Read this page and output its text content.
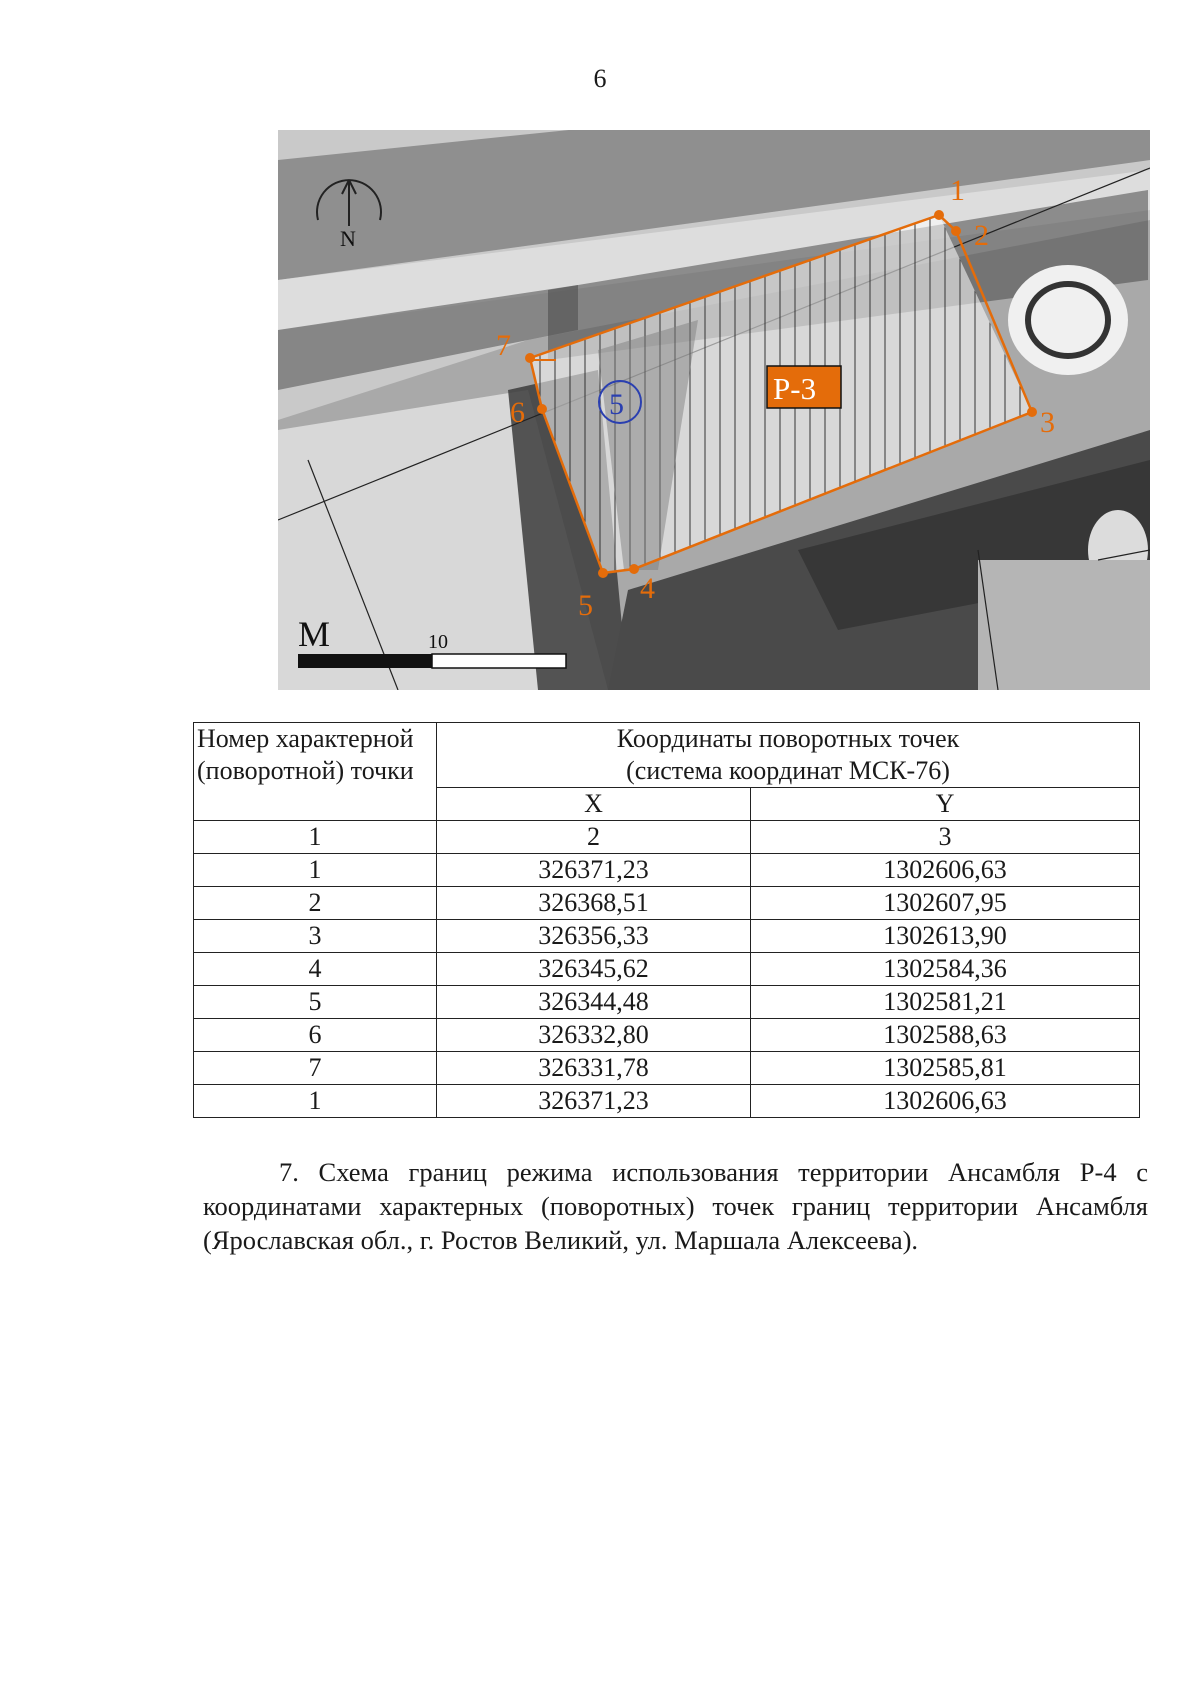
6
N
1
2
3
4
5
6
7
5	Р-3
М	10
Номер характерной (поворотной) точки	Координаты поворотных точек
(система координат МСК-76)	

	X	Y
1	2	3
1	326371,23	1302606,63
2	326368,51	1302607,95
3	326356,33	1302613,90
4	326345,62	1302584,36
5	326344,48	1302581,21
6	326332,80	1302588,63
7	326331,78	1302585,81
1	326371,23	1302606,63

7. Схема границ режима использования территории Ансамбля Р-4 с координатами характерных (поворотных) точек границ территории Ансамбля (Ярославская обл., г. Ростов Великий, ул. Маршала Алексеева).
